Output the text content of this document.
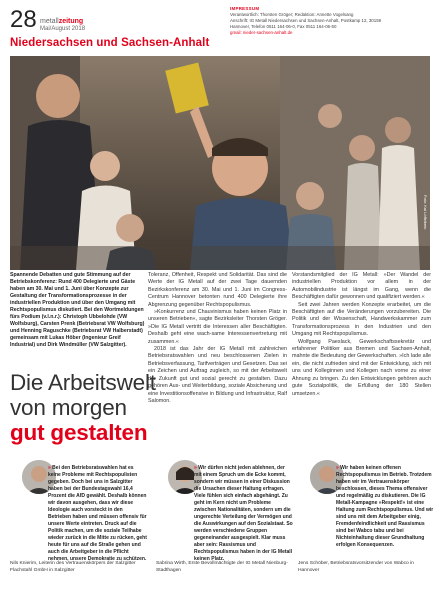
28 metallzeitung
Mai/August 2018
Niedersachsen und Sachsen-Anhalt
IMPRESSUM
Verantwortlich: Thorsten Gröger; Redaktion: Annette Vogelsang
Anschrift: IG Metall Niedersachsen und Sachsen-Anhalt, Postkamp 12, 30159
Hannover, Telefon 0511 164-06-0, Fax 0511 164-06-50
gmail: nieder-sachsen-anhalt.de
Foto: Kai Löffelbein
Spannende Debatten und gute Stimmung auf der Betriebskonferenz: Rund 400 Delegierte und Gäste haben am 30. Mai und 1. Juni über Konzepte zur Gestaltung der Transformationsprozesse in der industriellen Produktion und über den Umgang mit Rechtspopulismus diskutiert. Bei den Wortmeldungen fürs Podium (v.l.n.r.): Christoph Ubbelohde (VW Wolfsburg), Carsten Prenk (Betriebsrat VW Wolfsburg) und Henning Raguschke (Betriebsrat VW Halberstadt) gemeinsam mit Lukas Höber (Ingenieur Greif Industrial) und Dirk Windmüller (VW Salzgitter).

Toleranz, Offenheit, Respekt und Solidarität. Das sind die Werte der IG Metall auf der zwei Tage dauernden Bezirkskonferenz am 30. Mai und 1. Juni im Congress-Centrum Hannover betonten rund 400 Delegierte ihre Abgrenzung gegenüber Rechtspopulismus.

»Konkurrenz und Chauvinismus haben keinen Platz in unseren Betrieben«, sagte Bezirksleiter Thorsten Gröger. »Die IG Metall vertritt die Interessen aller Beschäftigten. Deshalb geht eine wach-same Interessenvertretung mit zusammen.«

2018 ist das Jahr der IG Metall mit zahlreichen Betriebsratswahlen und neu beschlossenen Zielen in Betriebsverfassung, Tarifverträgen und Gesetzen. Das sei ein Zeichen und Auftrag zugleich, so mit der Arbeitswelt der Zukunft gut und sozial gerecht zu gestalten. Dazu gehören Aus- und Weiterbildung, soziale Absicherung und eine Investitionsoffensive in Bildung und Infrastruktur, Ralf Salomon.

Vorstandsmitglied der IG Metall: »Der Wandel der industriellen Produktion vor allem in der Automobilindustrie ist längst im Gang, wenn die Beschäftigten dafür gewonnen und qualifiziert werden.«

Seit zwei Jahren werden Konzepte erarbeitet, um die Beschäftigten auf die Veränderungen vorzubereiten. Die Politik und der Wissenschaft, Handwerkskammer zum Transformationsprozess in den Industrien und den Umgang mit Rechtspopulismus.

Wolfgang Paeslack, Gewerkschaftssekretär und erfahrener Politiker aus Bremen und Sachsen-Anhalt, mahnte die Bedeutung der Gewerkschaften. »Ich lade alle ein, die nicht zufrieden sind mit der Entwicklung, sich mit uns und Kolleginnen und Kollegen nach vorne zu einer Ahnung zu bringen. Zu den Entwicklungen gehören auch gute Sozialpolitik, die Erfüllung der 180 Stellen umsetzen.«

Die Arbeitswelt
von morgen
gut gestalten
» Bei den Betriebsratswahlen hat es keine Probleme mit Rechtspopulisten gegeben. Doch bei uns in Salzgitter haben bei der Bundestagswahl 16,4 Prozent die AfD gewählt. Deshalb können wir davon ausgehen, dass wir diese Ideologie auch vorsteckt in den Betrieben haben und müssen offensiv für unsere Werte eintreten. Druck auf die Politik machen, um die soziale Teilhabe wieder zurück in die Mitte zu rücken, geht heute für uns auf die Straße gehen und auch die Arbeitgeber in die Pflicht nehmen, unsere Demokratie zu schützen.
» Wir dürfen nicht jeden ablehnen, der mit einem Spruch um die Ecke kommt, sondern wir müssen in einer Diskussion die Ursachen dieser Haltung erfragen. Viele fühlen sich einfach abgehängt. Zu geht im Kern nicht um Probleme zwischen Nationalitäten, sondern um die ungerechte Verteilung der Vermögen und die Auswirkungen auf den Sozialstaat. So werden verschiedene Gruppen gegeneinander ausgespielt. Klar muss aber sein: Rassismus und Rechtspopulismus haben in der IG Metall keinen Platz.
» Wir haben keinen offenen Rechtspopulismus im Betrieb. Trotzdem haben wir im Vertrauenskörper beschlossen, dieses Thema offensiver und regelmäßig zu diskutieren. Die IG Metall-Kampagne »Respekt!« ist eine Haltung zum Rechtspopulismus. Und wir sind uns mit dem Arbeitgeber einig, Fremdenfeindlichkeit und Rassismus sind bei Wabco tabu und bei Nichteinhaltung dieser Grundhaltung erfolgen Konsequenzen.
Nils Knierim, Leiterin des Vertrauenskörpers der Salzgitter Flachstahl GmbH in Salzgitter
Sabrina Wirth, Erste Bevollmächtigte der IG Metall Nienburg-Stadthagen
Jens Schöber, Betriebsratsvorsitzender von Wabco in Hannover
